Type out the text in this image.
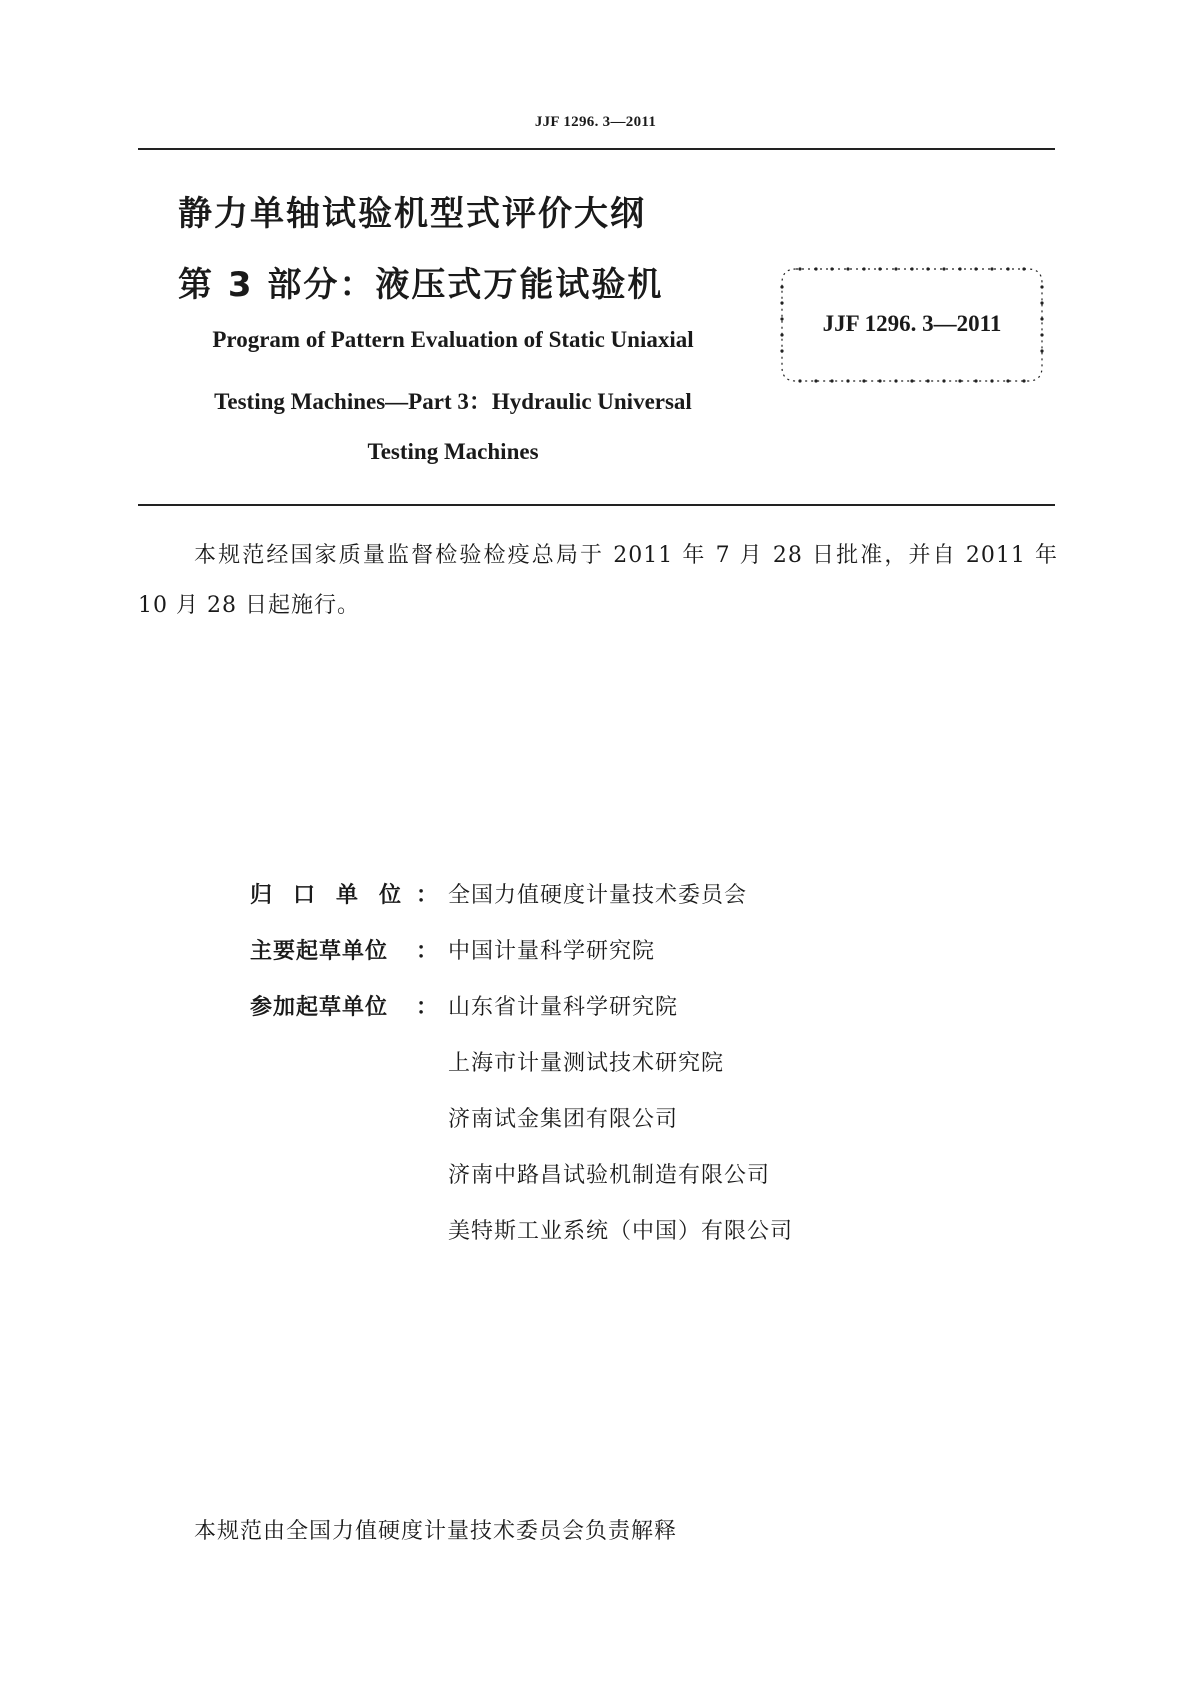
JJF 1296. 3—2011
静力单轴试验机型式评价大纲
第 3 部分：液压式万能试验机
Program of Pattern Evaluation of Static Uniaxial
Testing Machines—Part 3：Hydraulic Universal
Testing Machines
JJF 1296. 3—2011
本规范经国家质量监督检验检疫总局于 2011 年 7 月 28 日批准，并自 2011 年 10 月 28 日起施行。
归口单位
： 全国力值硬度计量技术委员会
主要起草单位	： 中国计量科学研究院
参加起草单位	： 山东省计量科学研究院
上海市计量测试技术研究院
济南试金集团有限公司
济南中路昌试验机制造有限公司
美特斯工业系统（中国）有限公司
本规范由全国力值硬度计量技术委员会负责解释
